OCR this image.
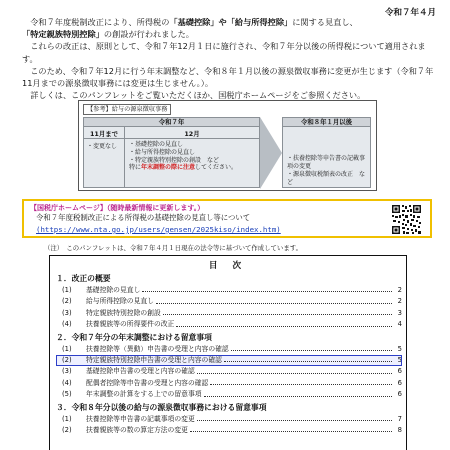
令和７年４月

令和７年度税制改正により、所得税の「基礎控除」や「給与所得控除」に関する見直し、「特定親族特別控除」の創設が行われました。

これらの改正は、原則として、令和７年12月１日に施行され、令和７年分以後の所得税について適用されます。

このため、令和７年12月に行う年末調整など、令和８年１月以後の源泉徴収事務に変更が生じます（令和７年11月までの源泉徴収事務には変更は生じません。）。

詳しくは、このパンフレットをご覧いただくほか、国税庁ホームページをご参照ください。

【参考】給与の源泉徴収事務
令和７年
11月まで	12月
・変更なし ・基礎控除の見直し
・給与所得控除の見直し
・特定親族特別控除の創設　など
特に年末調整の際に注意してください。
令和８年１月以後
・扶養控除等申告書の記載事項の変更
・源泉徴収税額表の改正　など
【国税庁ホームページ】（随時最新情報に更新します。）
令和７年度税制改正による所得税の基礎控除の見直し等について
(https://www.nta.go.jp/users/gensen/2025kiso/index.htm)
（注）　このパンフレットは、令和７年４月１日現在の法令等に基づいて作成しています。
目 次
１．改正の概要
(1)	基礎控除の見直し	2
(2)	給与所得控除の見直し	2
(3)	特定親族特別控除の創設	3
(4)	扶養親族等の所得要件の改正	4
２．令和７年分の年末調整における留意事項
(1)	扶養控除等（異動）申告書の受理と内容の確認	5
(2)	特定親族特別控除申告書の受理と内容の確認	5
(3)	基礎控除申告書の受理と内容の確認	6
(4)	配偶者控除等申告書の受理と内容の確認	6
(5)	年末調整の計算をする上での留意事項	6
３．令和８年分以後の給与の源泉徴収事務における留意事項
(1)	扶養控除等申告書の記載事項の変更	7
(2)	扶養親族等の数の算定方法の変更	8
